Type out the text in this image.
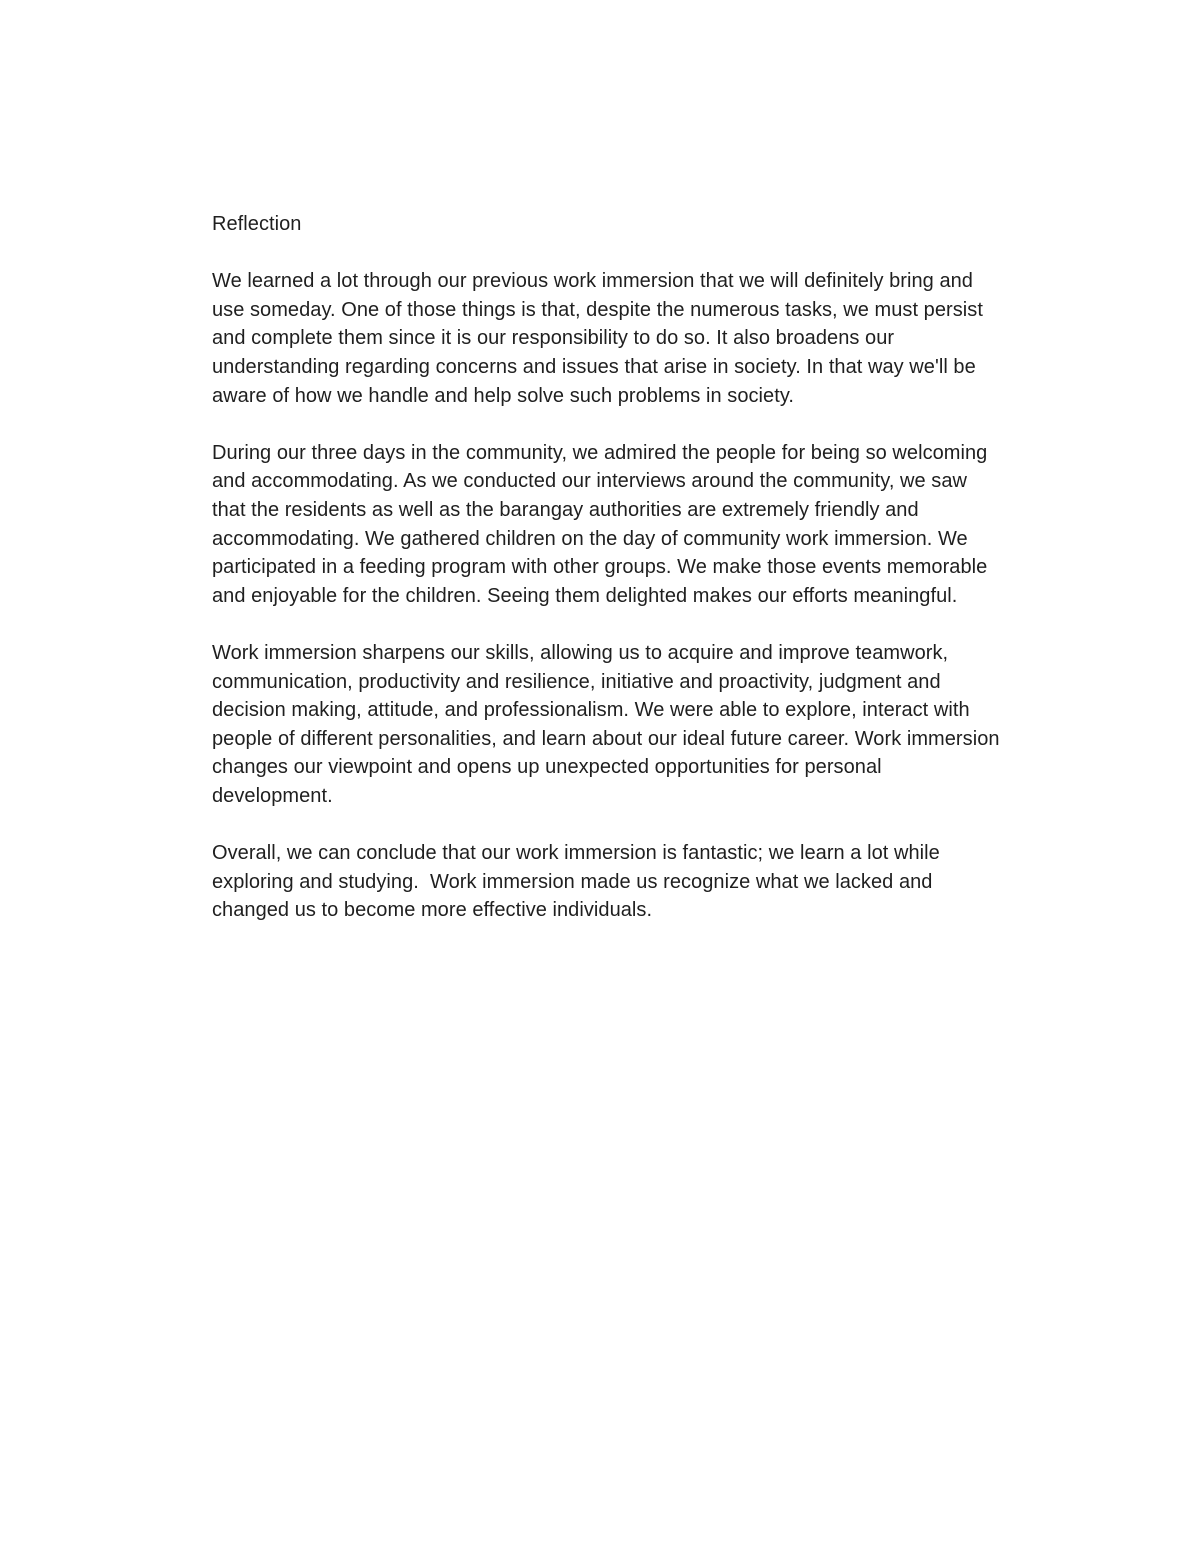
Reflection

We learned a lot through our previous work immersion that we will definitely bring and
use someday. One of those things is that, despite the numerous tasks, we must persist
and complete them since it is our responsibility to do so. It also broadens our
understanding regarding concerns and issues that arise in society. In that way we'll be
aware of how we handle and help solve such problems in society.

During our three days in the community, we admired the people for being so welcoming
and accommodating. As we conducted our interviews around the community, we saw
that the residents as well as the barangay authorities are extremely friendly and
accommodating. We gathered children on the day of community work immersion. We
participated in a feeding program with other groups. We make those events memorable
and enjoyable for the children. Seeing them delighted makes our efforts meaningful.

Work immersion sharpens our skills, allowing us to acquire and improve teamwork,
communication, productivity and resilience, initiative and proactivity, judgment and
decision making, attitude, and professionalism. We were able to explore, interact with
people of different personalities, and learn about our ideal future career. Work immersion
changes our viewpoint and opens up unexpected opportunities for personal
development.

Overall, we can conclude that our work immersion is fantastic; we learn a lot while
exploring and studying.  Work immersion made us recognize what we lacked and
changed us to become more effective individuals.
